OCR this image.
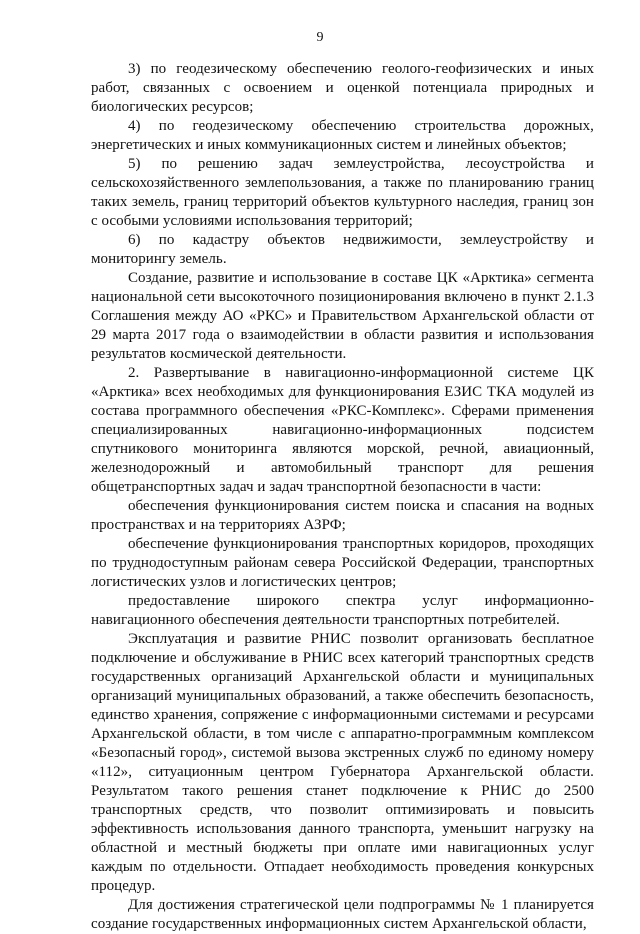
9

3) по геодезическому обеспечению геолого-геофизических и иных работ, связанных с освоением и оценкой потенциала природных и биологических ресурсов;

4) по геодезическому обеспечению строительства дорожных, энергетических и иных коммуникационных систем и линейных объектов;

5) по решению задач землеустройства, лесоустройства и сельскохозяйственного землепользования, а также по планированию границ таких земель, границ территорий объектов культурного наследия, границ зон с особыми условиями использования территорий;

6) по кадастру объектов недвижимости, землеустройству и мониторингу земель.

Создание, развитие и использование в составе ЦК «Арктика» сегмента национальной сети высокоточного позиционирования включено в пункт 2.1.3 Соглашения между АО «РКС» и Правительством Архангельской области от 29 марта 2017 года о взаимодействии в области развития и использования результатов космической деятельности.

2. Развертывание в навигационно-информационной системе ЦК «Арктика» всех необходимых для функционирования ЕЗИС ТКА модулей из состава программного обеспечения «РКС-Комплекс». Сферами применения специализированных навигационно-информационных подсистем спутникового мониторинга являются морской, речной, авиационный, железнодорожный и автомобильный транспорт для решения общетранспортных задач и задач транспортной безопасности в части:

обеспечения функционирования систем поиска и спасания на водных пространствах и на территориях АЗРФ;

обеспечение функционирования транспортных коридоров, проходящих по труднодоступным районам севера Российской Федерации, транспортных логистических узлов и логистических центров;

предоставление широкого спектра услуг информационно-навигационного обеспечения деятельности транспортных потребителей.

Эксплуатация и развитие РНИС позволит организовать бесплатное подключение и обслуживание в РНИС всех категорий транспортных средств государственных организаций Архангельской области и муниципальных организаций муниципальных образований, а также обеспечить безопасность, единство хранения, сопряжение с информационными системами и ресурсами Архангельской области, в том числе с аппаратно-программным комплексом «Безопасный город», системой вызова экстренных служб по единому номеру «112», ситуационным центром Губернатора Архангельской области. Результатом такого решения станет подключение к РНИС до 2500 транспортных средств, что позволит оптимизировать и повысить эффективность использования данного транспорта, уменьшит нагрузку на областной и местный бюджеты при оплате ими навигационных услуг каждым по отдельности. Отпадает необходимость проведения конкурсных процедур.

Для достижения стратегической цели подпрограммы № 1 планируется создание государственных информационных систем Архангельской области,
